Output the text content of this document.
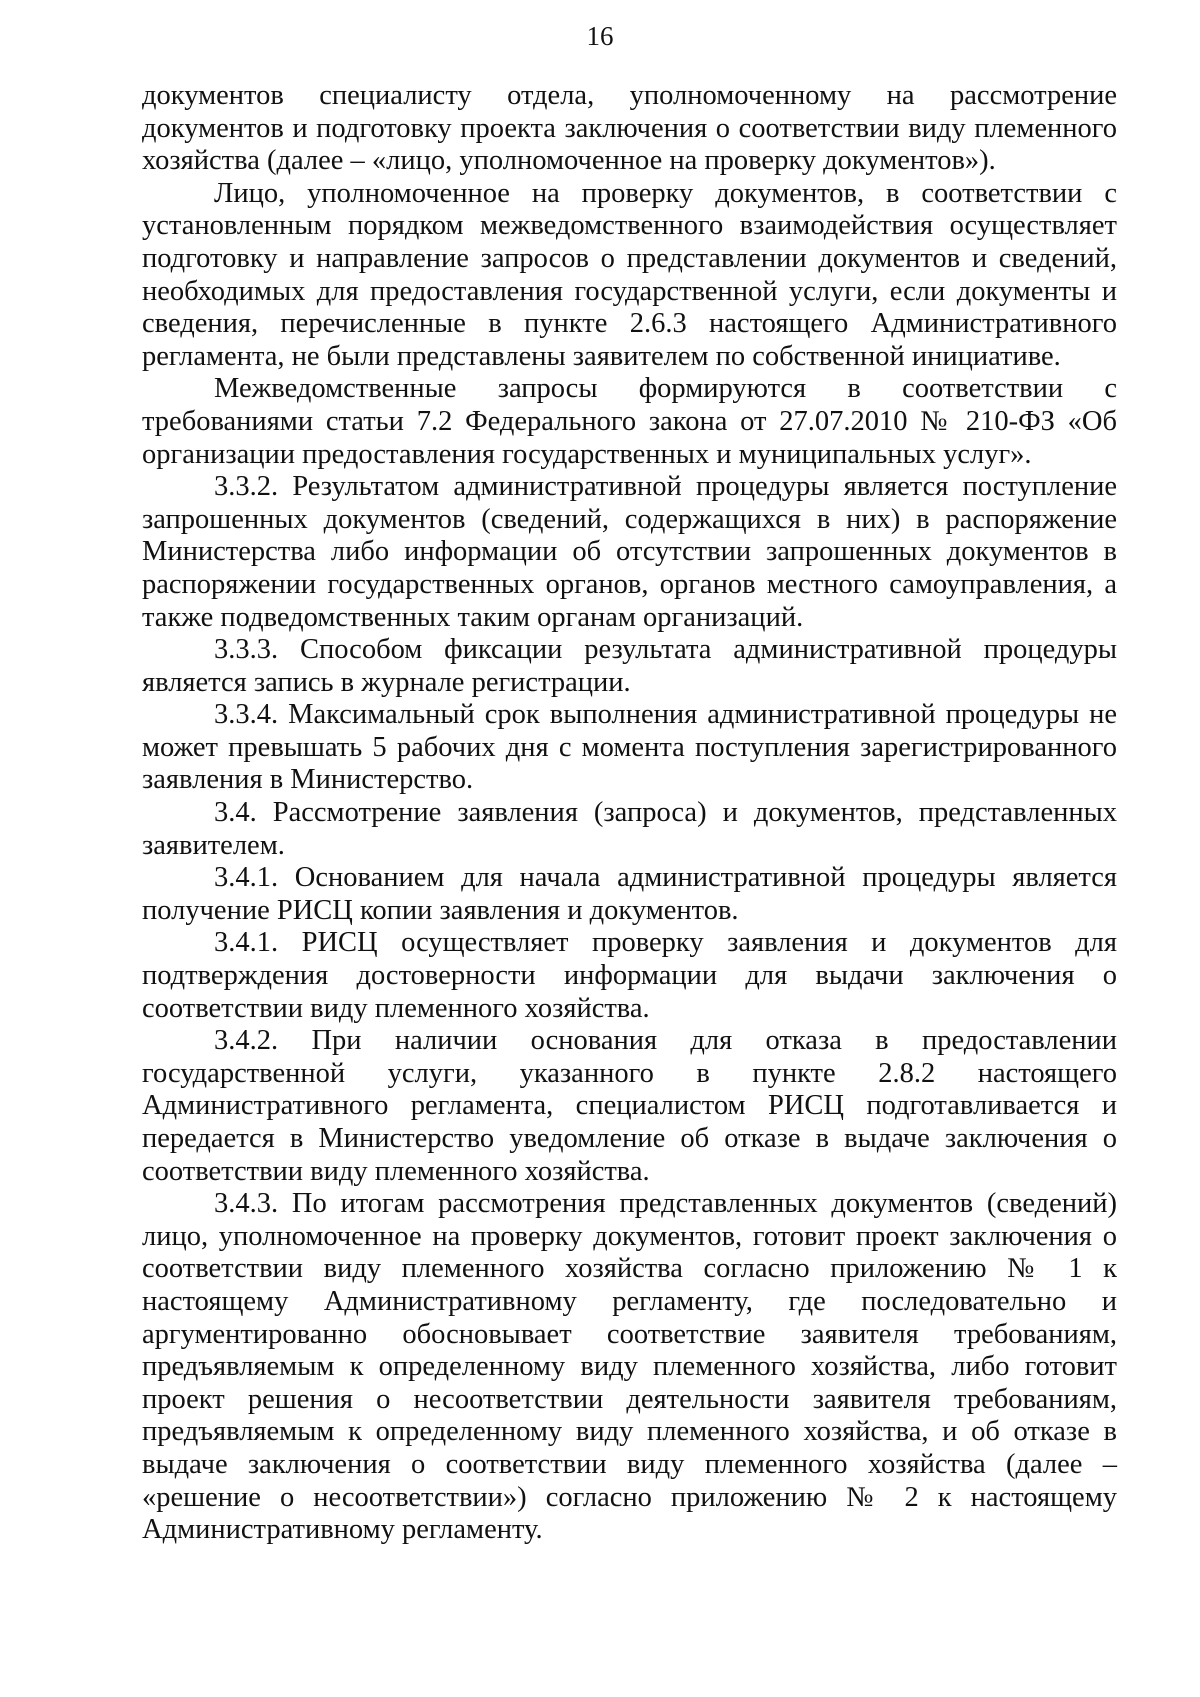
16

документов специалисту отдела, уполномоченному на рассмотрение документов и подготовку проекта заключения о соответствии виду племенного хозяйства (далее – «лицо, уполномоченное на проверку документов»).

Лицо, уполномоченное на проверку документов, в соответствии с установленным порядком межведомственного взаимодействия осуществляет подготовку и направление запросов о представлении документов и сведений, необходимых для предоставления государственной услуги, если документы и сведения, перечисленные в пункте 2.6.3 настоящего Административного регламента, не были представлены заявителем по собственной инициативе.

Межведомственные запросы формируются в соответствии с требованиями статьи 7.2 Федерального закона от 27.07.2010 № 210-ФЗ «Об организации предоставления государственных и муниципальных услуг».

3.3.2. Результатом административной процедуры является поступление запрошенных документов (сведений, содержащихся в них) в распоряжение Министерства либо информации об отсутствии запрошенных документов в распоряжении государственных органов, органов местного самоуправления, а также подведомственных таким органам организаций.

3.3.3. Способом фиксации результата административной процедуры является запись в журнале регистрации.

3.3.4. Максимальный срок выполнения административной процедуры не может превышать 5 рабочих дня с момента поступления зарегистрированного заявления в Министерство.

3.4. Рассмотрение заявления (запроса) и документов, представленных заявителем.

3.4.1. Основанием для начала административной процедуры является получение РИСЦ копии заявления и документов.

3.4.1. РИСЦ осуществляет проверку заявления и документов для подтверждения достоверности информации для выдачи заключения о соответствии виду племенного хозяйства.

3.4.2. При наличии основания для отказа в предоставлении государственной услуги, указанного в пункте 2.8.2 настоящего Административного регламента, специалистом РИСЦ подготавливается и передается в Министерство уведомление об отказе в выдаче заключения о соответствии виду племенного хозяйства.

3.4.3. По итогам рассмотрения представленных документов (сведений) лицо, уполномоченное на проверку документов, готовит проект заключения о соответствии виду племенного хозяйства согласно приложению № 1 к настоящему Административному регламенту, где последовательно и аргументированно обосновывает соответствие заявителя требованиям, предъявляемым к определенному виду племенного хозяйства, либо готовит проект решения о несоответствии деятельности заявителя требованиям, предъявляемым к определенному виду племенного хозяйства, и об отказе в выдаче заключения о соответствии виду племенного хозяйства (далее – «решение о несоответствии») согласно приложению № 2 к настоящему Административному регламенту.
